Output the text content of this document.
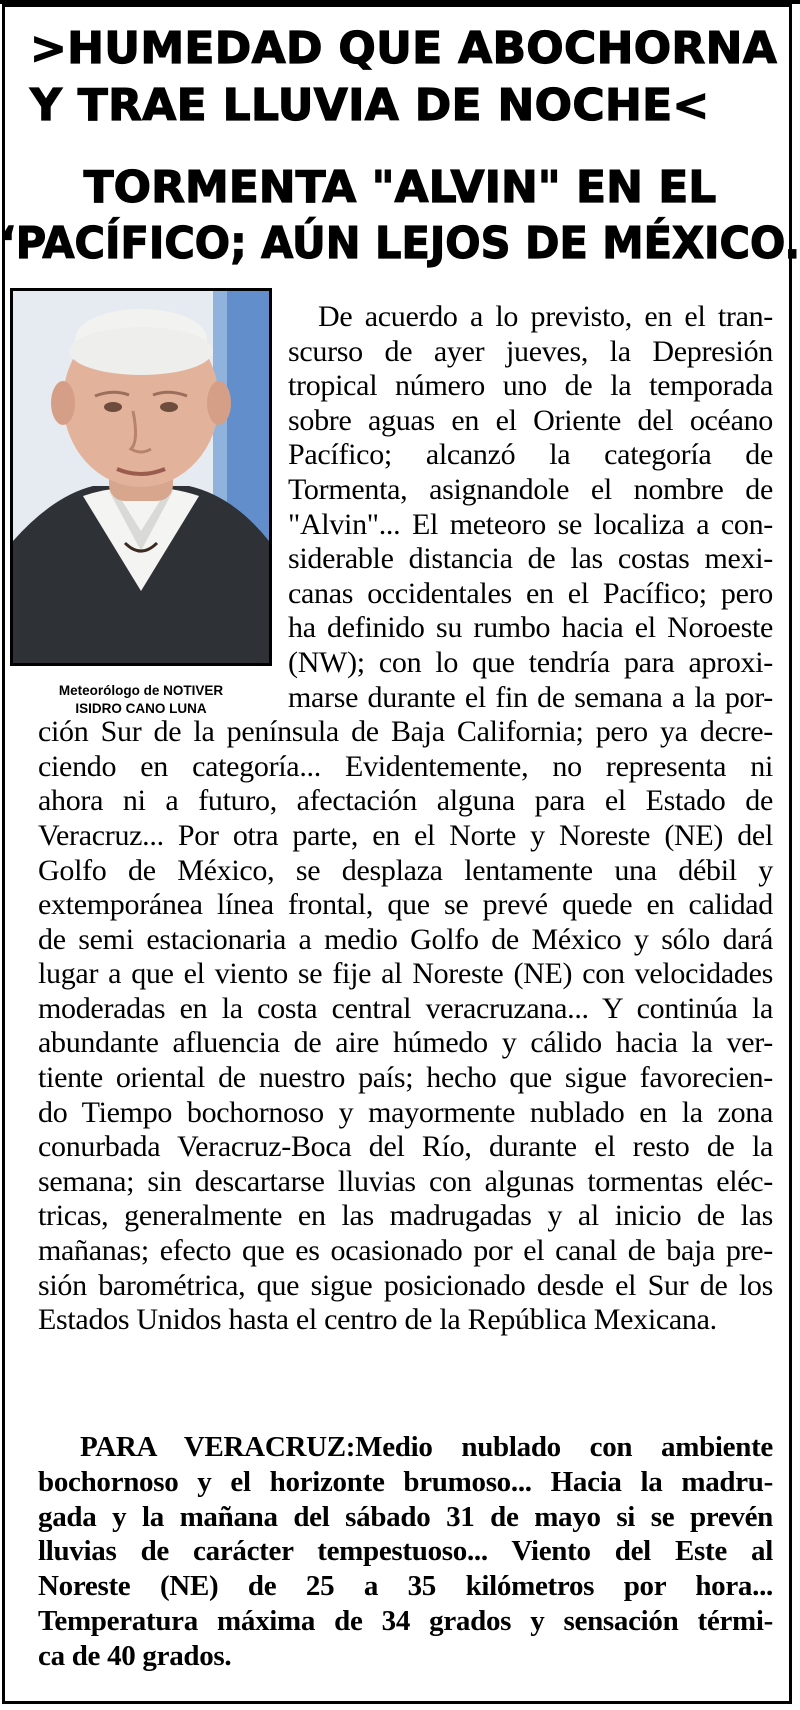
>HUMEDAD QUE ABOCHORNA
Y TRAE LLUVIA DE NOCHE<
TORMENTA "ALVIN" EN EL
‘PACÍFICO; AÚN LEJOS DE MÉXICO.
Meteorólogo de NOTIVER
ISIDRO CANO LUNA
De acuerdo a lo previsto, en el tran-
scurso de ayer jueves, la Depresión
tropical número uno de la temporada
sobre aguas en el Oriente del océano
Pacífico; alcanzó la categoría de
Tormenta, asignandole el nombre de
"Alvin"... El meteoro se localiza a con-
siderable distancia de las costas mexi-
canas occidentales en el Pacífico; pero
ha definido su rumbo hacia el Noroeste
(NW); con lo que tendría para aproxi-
marse durante el fin de semana a la por-
ción Sur de la península de Baja California; pero ya decre-
ciendo en categoría... Evidentemente, no representa ni
ahora ni a futuro, afectación alguna para el Estado de
Veracruz... Por otra parte, en el Norte y Noreste (NE) del
Golfo de México, se desplaza lentamente una débil y
extemporánea línea frontal, que se prevé quede en calidad
de semi estacionaria a medio Golfo de México y sólo dará
lugar a que el viento se fije al Noreste (NE) con velocidades
moderadas en la costa central veracruzana... Y continúa la
abundante afluencia de aire húmedo y cálido hacia la ver-
tiente oriental de nuestro país; hecho que sigue favorecien-
do Tiempo bochornoso y mayormente nublado en la zona
conurbada Veracruz-Boca del Río, durante el resto de la
semana; sin descartarse lluvias con algunas tormentas eléc-
tricas, generalmente en las madrugadas y al inicio de las
mañanas; efecto que es ocasionado por el canal de baja pre-
sión barométrica, que sigue posicionado desde el Sur de los
Estados Unidos hasta el centro de la República Mexicana.
PARA VERACRUZ:Medio nublado con ambiente
bochornoso y el horizonte brumoso... Hacia la madru-
gada y la mañana del sábado 31 de mayo si se prevén
lluvias de carácter tempestuoso... Viento del Este al
Noreste (NE) de 25 a 35 kilómetros por hora...
Temperatura máxima de 34 grados y sensación térmi-
ca de 40 grados.
